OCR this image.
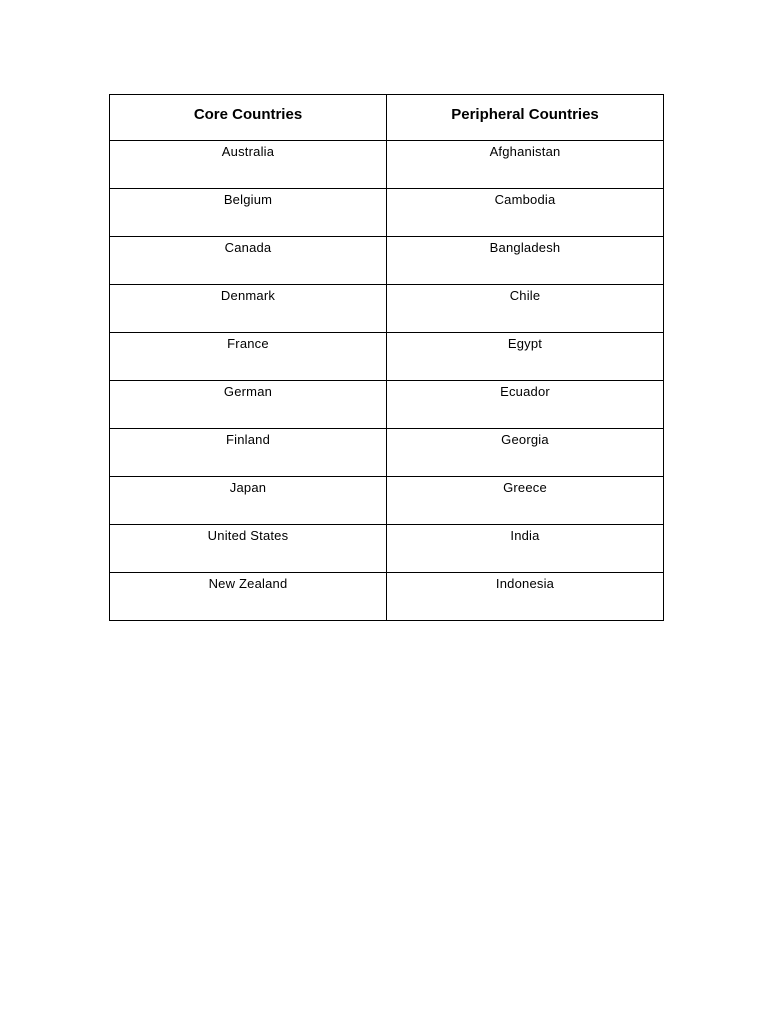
Core Countries	Peripheral Countries
Australia	Afghanistan
Belgium	Cambodia
Canada	Bangladesh
Denmark	Chile
France	Egypt
German	Ecuador
Finland	Georgia
Japan	Greece
United States	India
New Zealand	Indonesia
